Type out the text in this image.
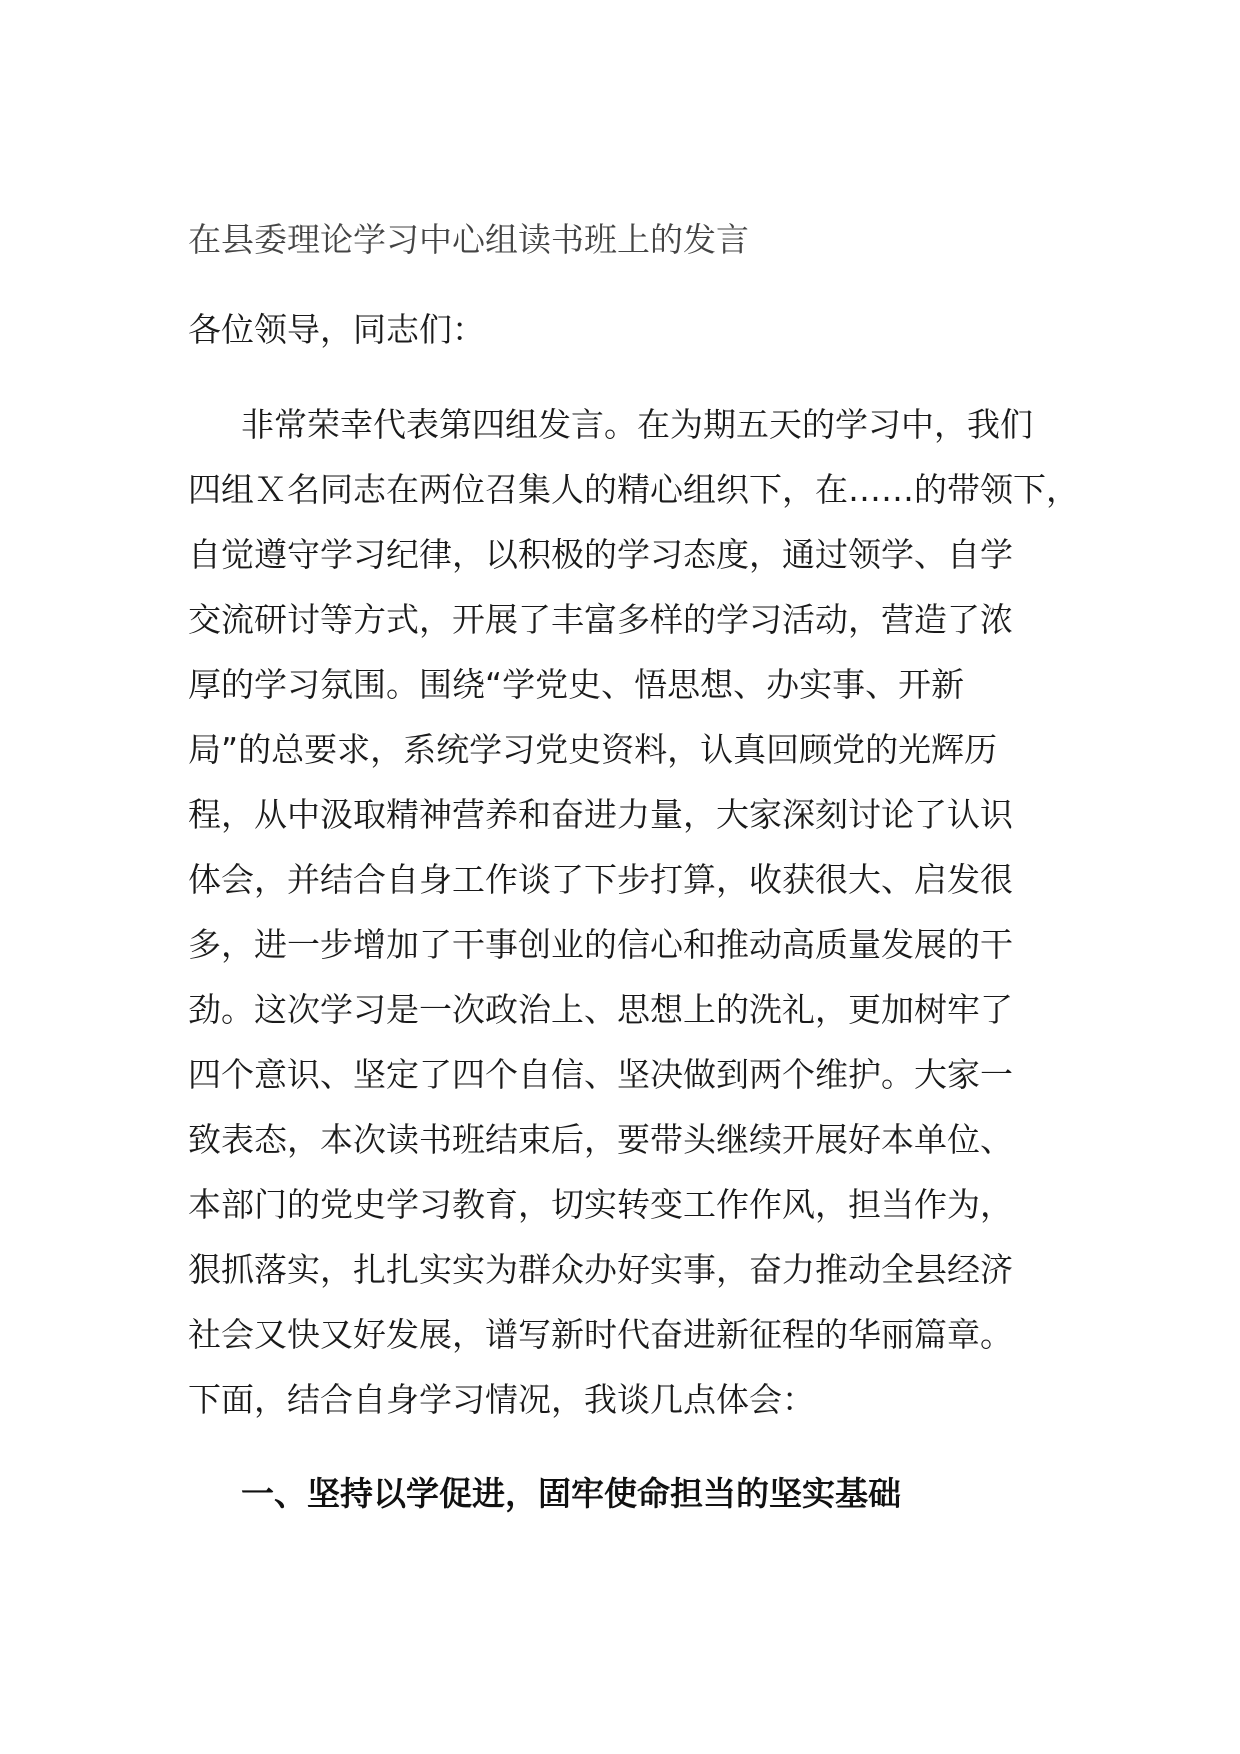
在县委理论学习中心组读书班上的发言
各位领导，同志们：

非常荣幸代表第四组发言。在为期五天的学习中，我们
四组Ｘ名同志在两位召集人的精心组织下，在……的带领下，
自觉遵守学习纪律，以积极的学习态度，通过领学、自学
交流研讨等方式，开展了丰富多样的学习活动，营造了浓
厚的学习氛围。围绕“学党史、悟思想、办实事、开新
局”的总要求，系统学习党史资料，认真回顾党的光辉历
程，从中汲取精神营养和奋进力量，大家深刻讨论了认识
体会，并结合自身工作谈了下步打算，收获很大、启发很
多，进一步增加了干事创业的信心和推动高质量发展的干
劲。这次学习是一次政治上、思想上的洗礼，更加树牢了
四个意识、坚定了四个自信、坚决做到两个维护。大家一
致表态，本次读书班结束后，要带头继续开展好本单位、
本部门的党史学习教育，切实转变工作作风，担当作为，
狠抓落实，扎扎实实为群众办好实事，奋力推动全县经济
社会又快又好发展，谱写新时代奋进新征程的华丽篇章。
下面，结合自身学习情况，我谈几点体会：

一、坚持以学促进，固牢使命担当的坚实基础
